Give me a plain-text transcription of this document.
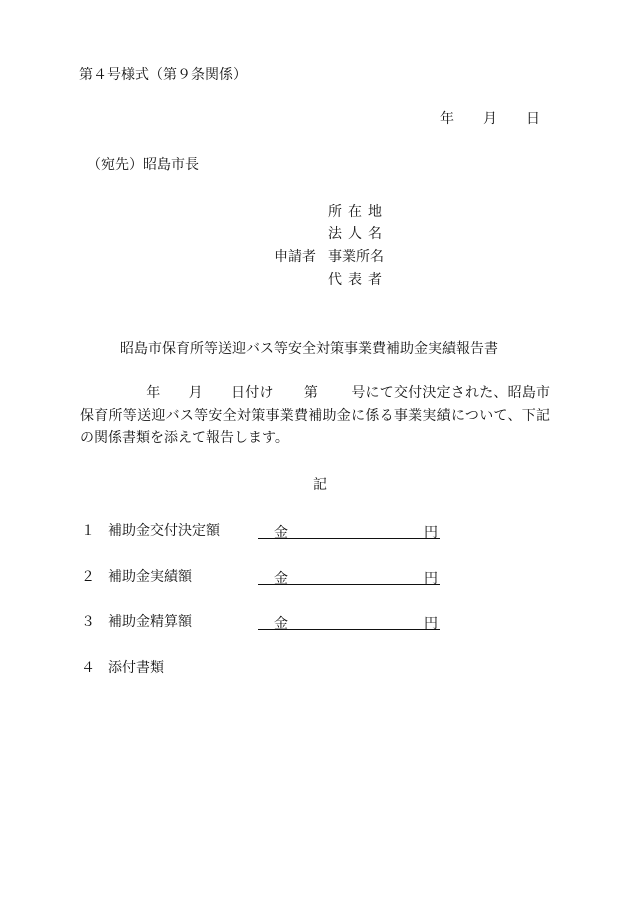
第４号様式（第９条関係）
年 月 日
（宛先）昭島市長
申請者
所在地
法人名
事業所名
代表者
昭島市保育所等送迎バス等安全対策事業費補助金実績報告書
年 月 日付け 第 号にて交付決定された、昭島市保育所等送迎バス等安全対策事業費補助金に係る事業実績について、下記の関係書類を添えて報告します。
記
１ 補助金交付決定額	金	円
２ 補助金実績額	金	円
３ 補助金精算額	金	円
４ 添付書類
